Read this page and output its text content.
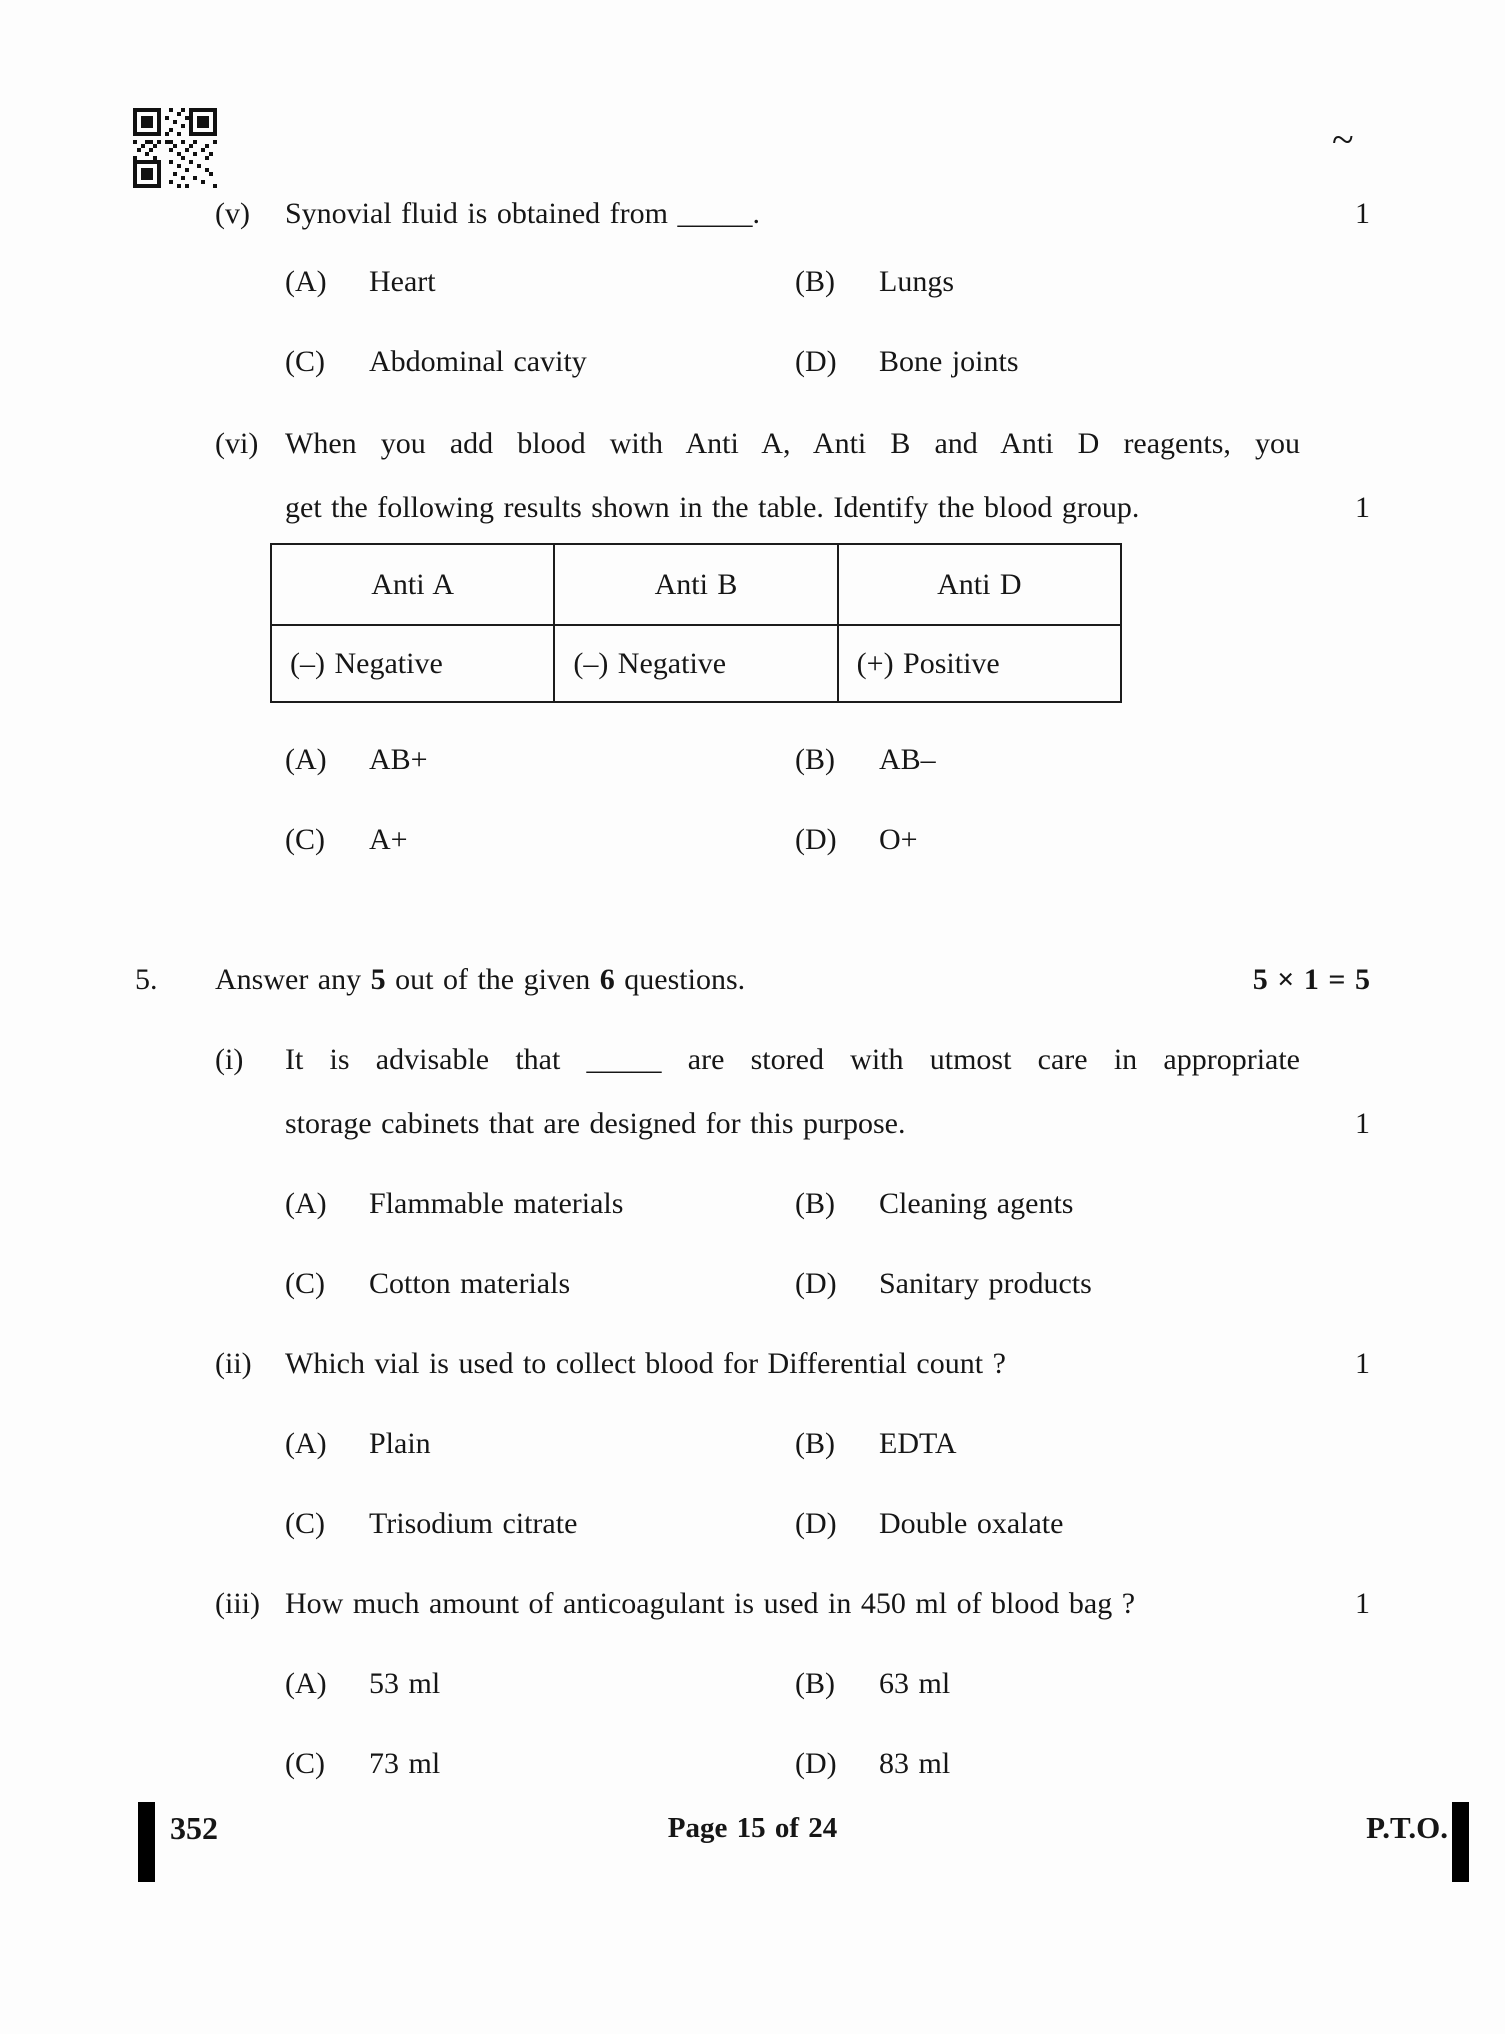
~
(v)	Synovial fluid is obtained from _____.	1
(A) Heart	(B) Lungs
(C) Abdominal cavity	(D) Bone joints
(vi) When you add blood with Anti A, Anti B and Anti D reagents, you
get the following results shown in the table. Identify the blood group.	1
Anti A	Anti B	Anti D
(–) Negative	(–) Negative	(+) Positive
(A) AB+	(B) AB–
(C) A+	(D) O+
5.	Answer any 5 out of the given 6 questions.	5 × 1 = 5
(i)	It is advisable that _____ are stored with utmost care in appropriate
storage cabinets that are designed for this purpose.	1
(A) Flammable materials	(B) Cleaning agents
(C) Cotton materials	(D) Sanitary products
(ii)	Which vial is used to collect blood for Differential count ?	1
(A) Plain	(B) EDTA
(C) Trisodium citrate	(D) Double oxalate
(iii) How much amount of anticoagulant is used in 450 ml of blood bag ?	1
(A) 53 ml	(B) 63 ml
(C) 73 ml	(D) 83 ml
352	Page 15 of 24	P.T.O.
